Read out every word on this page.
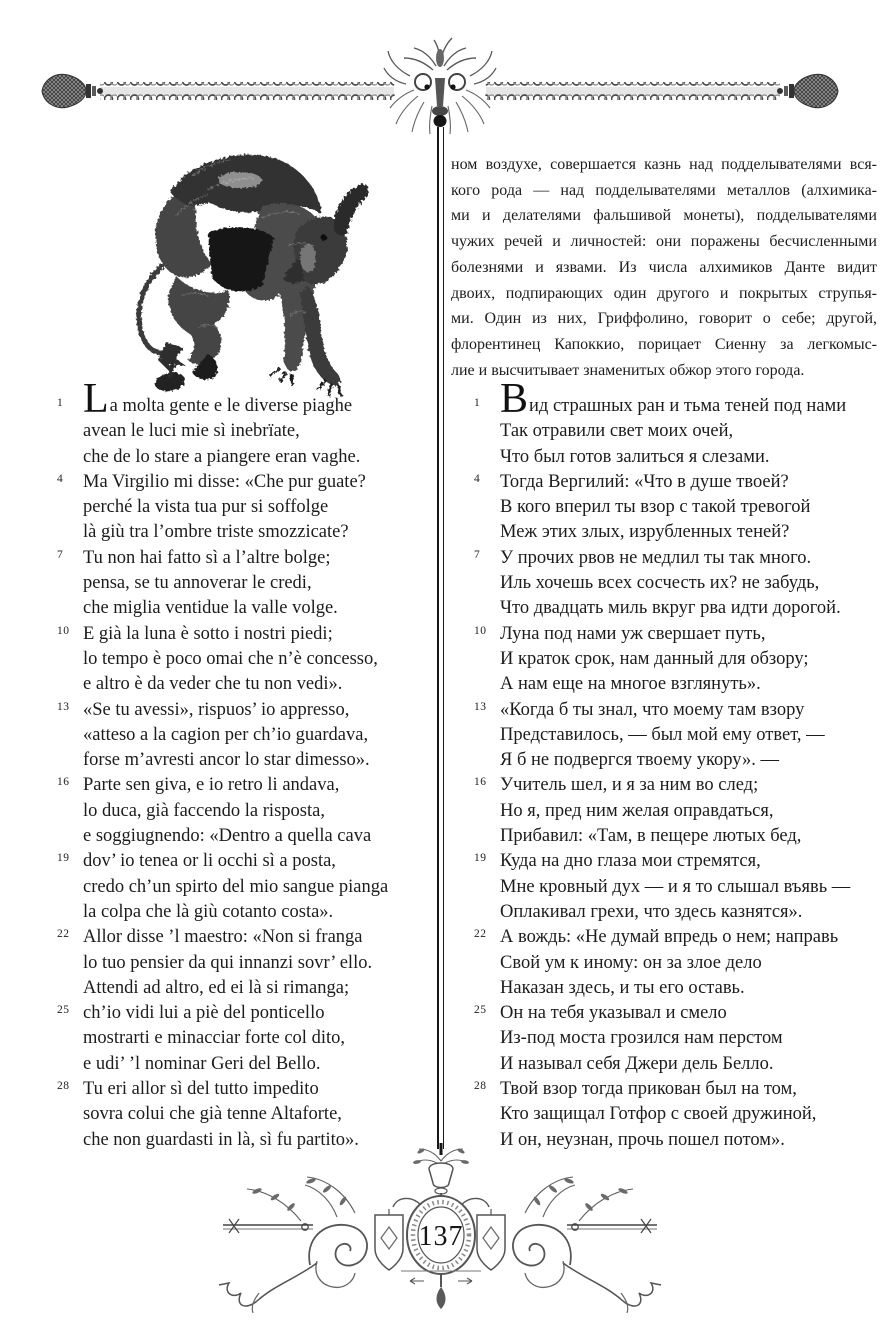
ном воздухе, совершается казнь над подделывателями вся-
кого рода — над подделывателями металлов (алхимика-
ми и делателями фальшивой монеты), подделывателями
чужих речей и личностей: они поражены бесчисленными
болезнями и язвами. Из числа алхимиков Данте видит
двоих, подпирающих один другого и покрытых струпья-
ми. Один из них, Гриффолино, говорит о себе; другой,
флорентинец Капоккио, порицает Сиенну за легкомыс-
лие и высчитывает знаменитых обжор этого города.
1 La molta gente e le diverse piaghe
avean le luci mie sì inebrïate,
che de lo stare a piangere eran vaghe.
4	Ma Virgilio mi disse: «Che pur guate?
perché la vista tua pur si soffolge
là giù tra l’ombre triste smozzicate?
7	Tu non hai fatto sì a l’altre bolge;
pensa, se tu annoverar le credi,
che miglia ventidue la valle volge.
10 E già la luna è sotto i nostri piedi;
lo tempo è poco omai che n’è concesso,
e altro è da veder che tu non vedi».
13 «Se tu avessi», rispuos’ io appresso,
«atteso a la cagion per ch’io guardava,
forse m’avresti ancor lo star dimesso».
16 Parte sen giva, e io retro li andava,
lo duca, già faccendo la risposta,
e soggiugnendo: «Dentro a quella cava
19 dov’ io tenea or li occhi sì a posta,
credo ch’un spirto del mio sangue pianga
la colpa che là giù cotanto costa».
22 Allor disse ’l maestro: «Non si franga
lo tuo pensier da qui innanzi sovr’ ello.
Attendi ad altro, ed ei là si rimanga;
25 ch’io vidi lui a piè del ponticello
mostrarti e minacciar forte col dito,
e udi’ ’l nominar Geri del Bello.
28 Tu eri allor sì del tutto impedito
sovra colui che già tenne Altaforte,
che non guardasti in là, sì fu partito».
1 Вид страшных ран и тьма теней под нами
Так отравили свет моих очей,
Что был готов залиться я слезами.
4	Тогда Вергилий: «Что в душе твоей?
В кого вперил ты взор с такой тревогой
Меж этих злых, изрубленных теней?
7	У прочих рвов не медлил ты так много.
Иль хочешь всех сосчесть их? не забудь,
Что двадцать миль вкруг рва идти дорогой.
10 Луна под нами уж свершает путь,
И краток срок, нам данный для обзору;
А нам еще на многое взглянуть».
13 «Когда б ты знал, что моему там взору
Представилось, — был мой ему ответ, —
Я б не подвергся твоему укору». —
16 Учитель шел, и я за ним во след;
Но я, пред ним желая оправдаться,
Прибавил: «Там, в пещере лютых бед,
19 Куда на дно глаза мои стремятся,
Мне кровный дух — и я то слышал въявь —
Оплакивал грехи, что здесь казнятся».
22 А вождь: «Не думай впредь о нем; направь
Свой ум к иному: он за злое дело
Наказан здесь, и ты его оставь.
25 Он на тебя указывал и смело
Из-под моста грозился нам перстом
И называл себя Джери дель Белло.
28 Твой взор тогда прикован был на том,
Кто защищал Готфор с своей дружиной,
И он, неузнан, прочь пошел потом».
137
